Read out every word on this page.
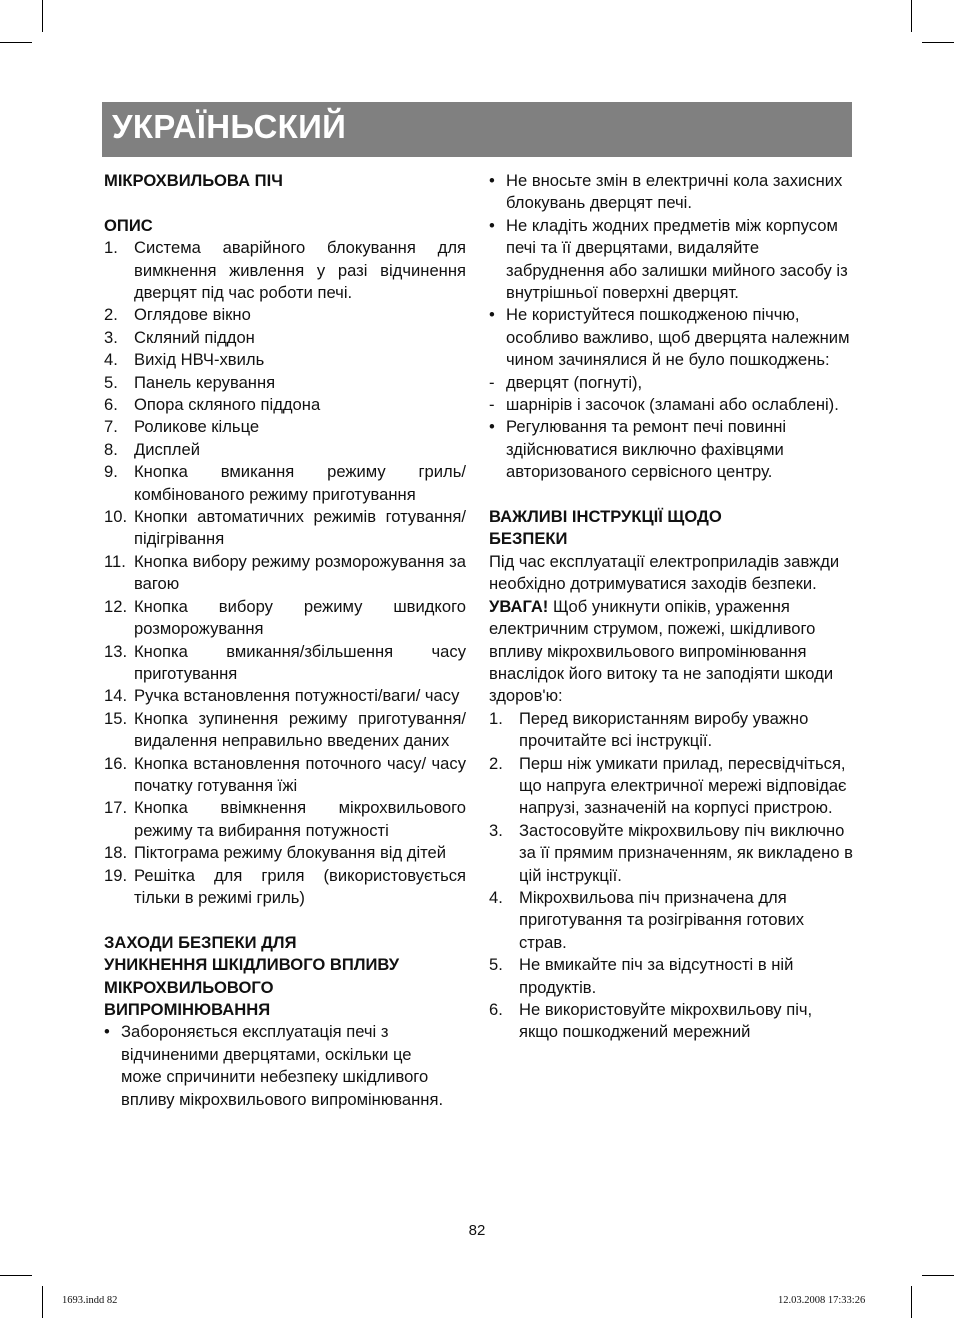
УКРАЇНЬСКИЙ
МІКРОХВИЛЬОВА ПІЧ
ОПИС
1. Система аварійного блокування для вимкнення живлення у разі відчинення дверцят під час роботи печі.
2. Оглядове вікно
3. Скляний піддон
4. Вихід НВЧ-хвиль
5. Панель керування
6. Опора скляного піддона
7. Роликове кільце
8. Дисплей
9. Кнопка вмикання режиму гриль/ комбінованого режиму приготування
10. Кнопки автоматичних режимів готування/підігрівання
11. Кнопка вибору режиму розморожування за вагою
12. Кнопка вибору режиму швидкого розморожування
13. Кнопка вмикання/збільшення часу приготування
14. Ручка встановлення потужності/ваги/ часу
15. Кнопка зупинення режиму приготування/видалення неправильно введених даних
16. Кнопка встановлення поточного часу/ часу початку готування їжі
17. Кнопка ввімкнення мікрохвильового режиму та вибирання потужності
18. Піктограма режиму блокування від дітей
19. Решітка для гриля (використовується тільки в режимі гриль)
ЗАХОДИ БЕЗПЕКИ ДЛЯ УНИКНЕННЯ ШКІДЛИВОГО ВПЛИВУ МІКРОХВИЛЬОВОГО ВИПРОМІНЮВАННЯ
• Забороняється експлуатація печі з відчиненими дверцятами, оскільки це може спричинити небезпеку шкідливого впливу мікрохвильового випромінювання.
• Не вносьте змін в електричні кола захисних блокувань дверцят печі.
• Не кладіть жодних предметів між корпусом печі та її дверцятами, видаляйте забруднення або залишки мийного засобу із внутрішньої поверхні дверцят.
• Не користуйтеся пошкодженою піччю, особливо важливо, щоб дверцята належним чином зачинялися й не було пошкоджень:
- дверцят (погнуті),
- шарнірів і засочок (зламані або ослаблені).
• Регулювання та ремонт печі повинні здійснюватися виключно фахівцями авторизованого сервісного центру.
ВАЖЛИВІ ІНСТРУКЦІЇ ЩОДО БЕЗПЕКИ
Під час експлуатації електроприладів завжди необхідно дотримуватися заходів безпеки. УВАГА! Щоб уникнути опіків, ураження електричним струмом, пожежі, шкідливого впливу мікрохвильового випромінювання внаслідок його витоку та не заподіяти шкоди здоров'ю:
1. Перед використанням виробу уважно прочитайте всі інструкції.
2. Перш ніж умикати прилад, пересвідчіться, що напруга електричної мережі відповідає напрузі, зазначеній на корпусі пристрою.
3. Застосовуйте мікрохвильову піч виключно за її прямим призначенням, як викладено в цій інструкції.
4. Мікрохвильова піч призначена для приготування та розігрівання готових страв.
5. Не вмикайте піч за відсутності в ній продуктів.
6. Не використовуйте мікрохвильову піч, якщо пошкоджений мережний
82
1693.indd 82	12.03.2008 17:33:26
